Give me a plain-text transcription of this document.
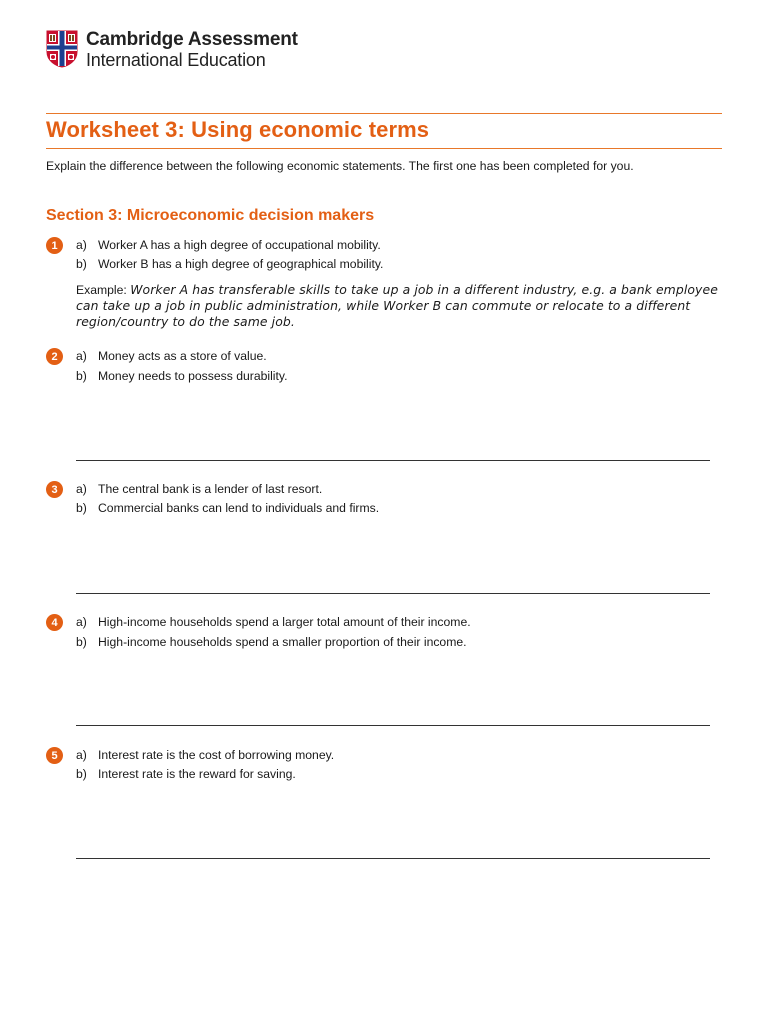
Cambridge Assessment
International Education
Worksheet 3: Using economic terms
Explain the difference between the following economic statements. The first one has been completed for you.
Section 3: Microeconomic decision makers
1	a) Worker A has a high degree of occupational mobility.
b) Worker B has a high degree of geographical mobility.
Example: Worker A has transferable skills to take up a job in a different industry, e.g. a bank employee can take up a job in public administration, while Worker B can commute or relocate to a different region/country to do the same job.
2	a) Money acts as a store of value.
b) Money needs to possess durability.
3	a) The central bank is a lender of last resort.
b) Commercial banks can lend to individuals and firms.
4	a) High-income households spend a larger total amount of their income.
b) High-income households spend a smaller proportion of their income.
5	a) Interest rate is the cost of borrowing money.
b) Interest rate is the reward for saving.
